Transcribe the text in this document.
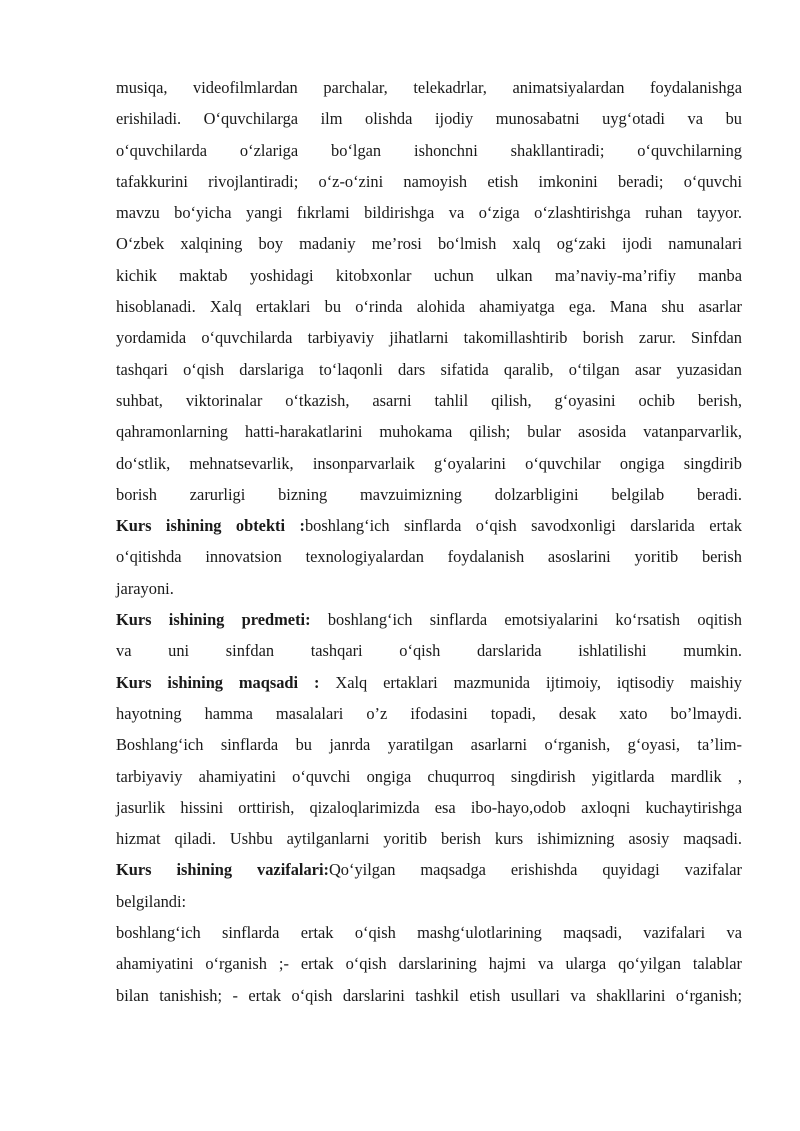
musiqa, videofilmlardan parchalar, telekadrlar, animatsiyalardan foydalanishga
erishiladi. O‘quvchilarga ilm olishda ijodiy munosabatni uyg‘otadi va bu
o‘quvchilarda o‘zlariga bo‘lgan ishonchni shakllantiradi; o‘quvchilarning
tafakkurini rivojlantiradi; o‘z-o‘zini namoyish etish imkonini beradi; o‘quvchi
mavzu bo‘yicha yangi fıkrlami bildirishga va o‘ziga o‘zlashtirishga ruhan tayyor.
O‘zbek xalqining boy madaniy me’rosi bo‘lmish xalq og‘zaki ijodi namunalari
kichik maktab yoshidagi kitobxonlar uchun ulkan ma’naviy-ma’rifiy manba
hisoblanadi. Xalq ertaklari bu o‘rinda alohida ahamiyatga ega. Mana shu asarlar
yordamida o‘quvchilarda tarbiyaviy jihatlarni takomillashtirib borish zarur. Sinfdan
tashqari o‘qish darslariga to‘laqonli dars sifatida qaralib, o‘tilgan asar yuzasidan
suhbat, viktorinalar o‘tkazish, asarni tahlil qilish, g‘oyasini ochib berish,
qahramonlarning hatti-harakatlarini muhokama qilish; bular asosida vatanparvarlik,
do‘stlik, mehnatsevarlik, insonparvarlaik g‘oyalarini o‘quvchilar ongiga singdirib
borish zarurligi bizning mavzuimizning dolzarbligini belgilab beradi.

Kurs ishining obtekti :boshlang‘ich sinflarda o‘qish savodxonligi darslarida ertak
o‘qitishda innovatsion texnologiyalardan foydalanish asoslarini yoritib berish
jarayoni.

Kurs ishining predmeti: boshlang‘ich sinflarda emotsiyalarini ko‘rsatish oqitish
va uni sinfdan tashqari o‘qish darslarida ishlatilishi mumkin.

Kurs ishining maqsadi : Xalq ertaklari mazmunida ijtimoiy, iqtisodiy maishiy
hayotning hamma masalalari o’z ifodasini topadi, desak xato bo’lmaydi.
Boshlang‘ich sinflarda bu janrda yaratilgan asarlarni o‘rganish, g‘oyasi, ta’lim-
tarbiyaviy ahamiyatini o‘quvchi ongiga chuqurroq singdirish yigitlarda mardlik ,
jasurlik hissini orttirish, qizaloqlarimizda esa ibo-hayo,odob axloqni kuchaytirishga
hizmat qiladi. Ushbu aytilganlarni yoritib berish kurs ishimizning asosiy maqsadi.

Kurs ishining vazifalari:Qo‘yilgan maqsadga erishishda quyidagi vazifalar
belgilandi:
boshlang‘ich sinflarda ertak o‘qish mashg‘ulotlarining maqsadi, vazifalari va
ahamiyatini o‘rganish ;- ertak o‘qish darslarining hajmi va ularga qo‘yilgan talablar
bilan tanishish; - ertak o‘qish darslarini tashkil etish usullari va shakllarini o‘rganish;
